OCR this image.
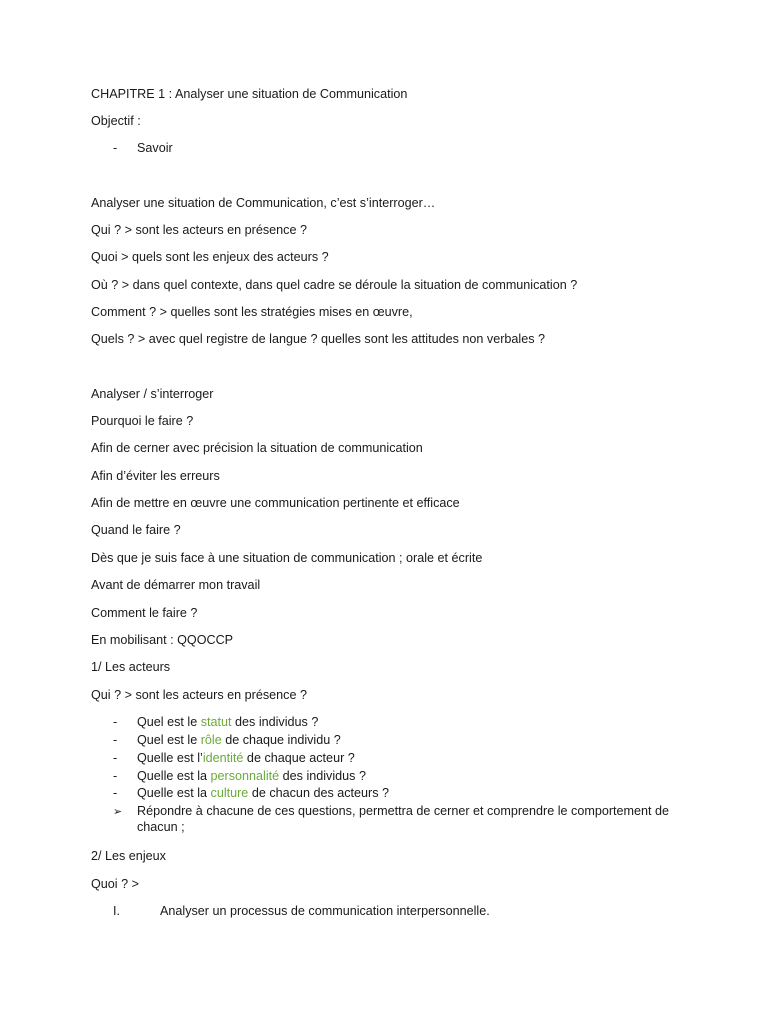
CHAPITRE 1 : Analyser une situation de Communication
Objectif :
- Savoir
Analyser une situation de Communication, c’est s’interroger…
Qui ? > sont les acteurs en présence ?
Quoi > quels sont les enjeux des acteurs ?
Où ? > dans quel contexte, dans quel cadre se déroule la situation de communication ?
Comment ? > quelles sont les stratégies mises en œuvre,
Quels ? > avec quel registre de langue ? quelles sont les attitudes non verbales ?
Analyser / s’interroger
Pourquoi le faire ?
Afin de cerner avec précision la situation de communication
Afin d’éviter les erreurs
Afin de mettre en œuvre une communication pertinente et efficace
Quand le faire ?
Dès que je suis face à une situation de communication ; orale et écrite
Avant de démarrer mon travail
Comment le faire ?
En mobilisant : QQOCCP
1/ Les acteurs
Qui ? > sont les acteurs en présence ?
- Quel est le statut des individus ?
- Quel est le rôle de chaque individu ?
- Quelle est l’identité de chaque acteur ?
- Quelle est la personnalité des individus ?
- Quelle est la culture de chacun des acteurs ?
➢ Répondre à chacune de ces questions, permettra de cerner et comprendre le comportement de chacun ;
2/ Les enjeux
Quoi ? >
I.	Analyser un processus de communication interpersonnelle.
